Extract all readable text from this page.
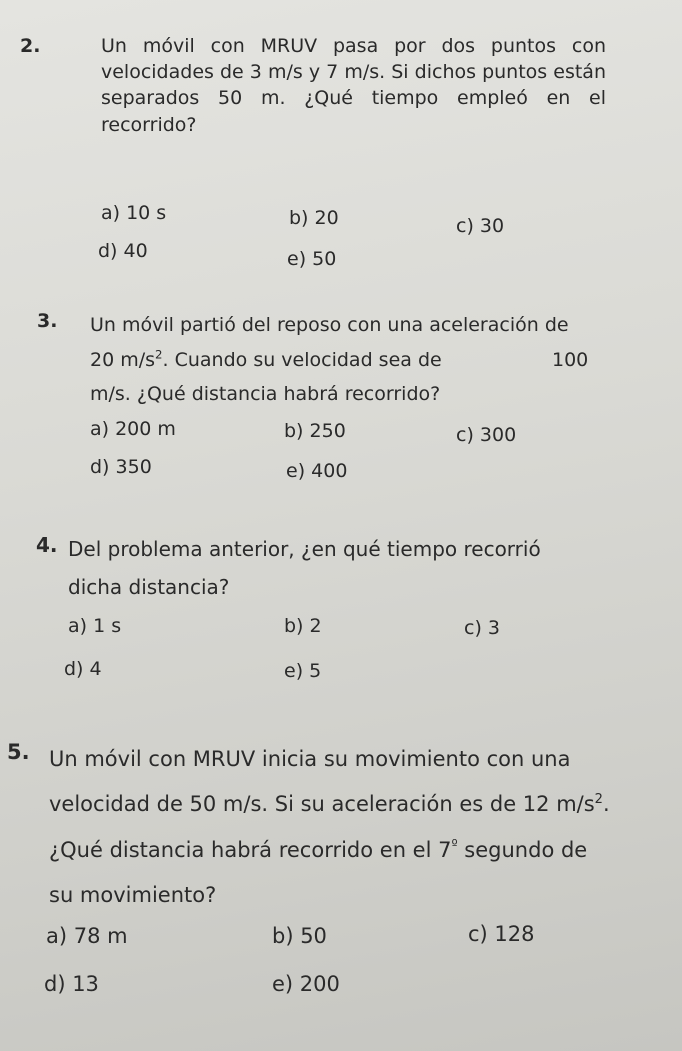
2.	Un móvil con MRUV pasa por dos puntos con
velocidades de 3 m/s y 7 m/s. Si dichos puntos están
separados 50 m. ¿Qué tiempo empleó en el
recorrido?
a) 10 s	b) 20	c) 30
d) 40	e) 50
3. Un móvil partió del reposo con una aceleración de
20 $m/s^2$. Cuando su velocidad sea de	100
m/s. ¿Qué distancia habrá recorrido?
a) 200 m	b) 250	c) 300
d) 350	e) 400
4. Del problema anterior, ¿en qué tiempo recorrió
dicha distancia?
a) 1 s	b) 2	c) 3
d) 4	e) 5
5. Un móvil con MRUV inicia su movimiento con una
velocidad de 50 m/s. Si su aceleración es de 12 $m/s^2$.
¿Qué distancia habrá recorrido en el $7^º$ segundo de
su movimiento?
a) 78 m	b) 50	c) 128
d) 13	e) 200
